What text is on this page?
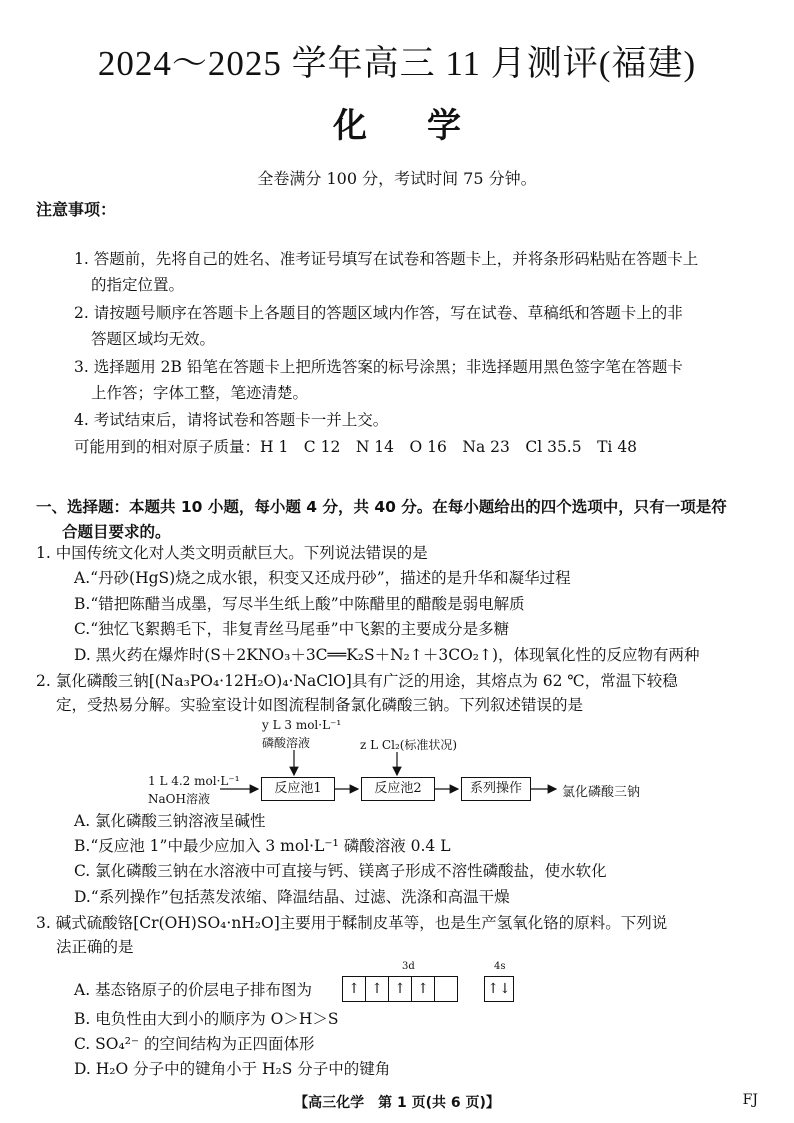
2024～2025 学年高三 11 月测评(福建)
化 学
全卷满分 100 分，考试时间 75 分钟。
注意事项：
1. 答题前，先将自己的姓名、准考证号填写在试卷和答题卡上，并将条形码粘贴在答题卡上
的指定位置。
2. 请按题号顺序在答题卡上各题目的答题区域内作答，写在试卷、草稿纸和答题卡上的非
答题区域均无效。
3. 选择题用 2B 铅笔在答题卡上把所选答案的标号涂黑；非选择题用黑色签字笔在答题卡
上作答；字体工整，笔迹清楚。
4. 考试结束后，请将试卷和答题卡一并上交。
可能用到的相对原子质量：H 1　C 12　N 14　O 16　Na 23　Cl 35.5　Ti 48
一、选择题：本题共 10 小题，每小题 4 分，共 40 分。在每小题给出的四个选项中，只有一项是符
合题目要求的。
1. 中国传统文化对人类文明贡献巨大。下列说法错误的是
A.“丹砂(HgS)烧之成水银，积变又还成丹砂”，描述的是升华和凝华过程
B.“错把陈醋当成墨，写尽半生纸上酸”中陈醋里的醋酸是弱电解质
C.“独忆飞絮鹅毛下，非复青丝马尾垂”中飞絮的主要成分是多糖
D. 黑火药在爆炸时(S＋2KNO₃＋3C══K₂S＋N₂↑＋3CO₂↑)，体现氧化性的反应物有两种
2. 氯化磷酸三钠[(Na₃PO₄·12H₂O)₄·NaClO]具有广泛的用途，其熔点为 62 ℃，常温下较稳
定，受热易分解。实验室设计如图流程制备氯化磷酸三钠。下列叙述错误的是
y L 3 mol·L⁻¹
磷酸溶液	z L Cl₂(标准状况)
1 L 4.2 mol·L⁻¹
NaOH溶液
反应池1	反应池2	系列操作	氯化磷酸三钠
A. 氯化磷酸三钠溶液呈碱性
B.“反应池 1”中最少应加入 3 mol·L⁻¹ 磷酸溶液 0.4 L
C. 氯化磷酸三钠在水溶液中可直接与钙、镁离子形成不溶性磷酸盐，使水软化
D.“系列操作”包括蒸发浓缩、降温结晶、过滤、洗涤和高温干燥
3. 碱式硫酸铬[Cr(OH)SO₄·nH₂O]主要用于鞣制皮革等，也是生产氢氧化铬的原料。下列说
法正确的是
A. 基态铬原子的价层电子排布图为
3d	4s
↑ ↑ ↑ ↑	↑↓
B. 电负性由大到小的顺序为 O＞H＞S
C. SO₄²⁻ 的空间结构为正四面体形
D. H₂O 分子中的键角小于 H₂S 分子中的键角
【高三化学　第 1 页(共 6 页)】	FJ
